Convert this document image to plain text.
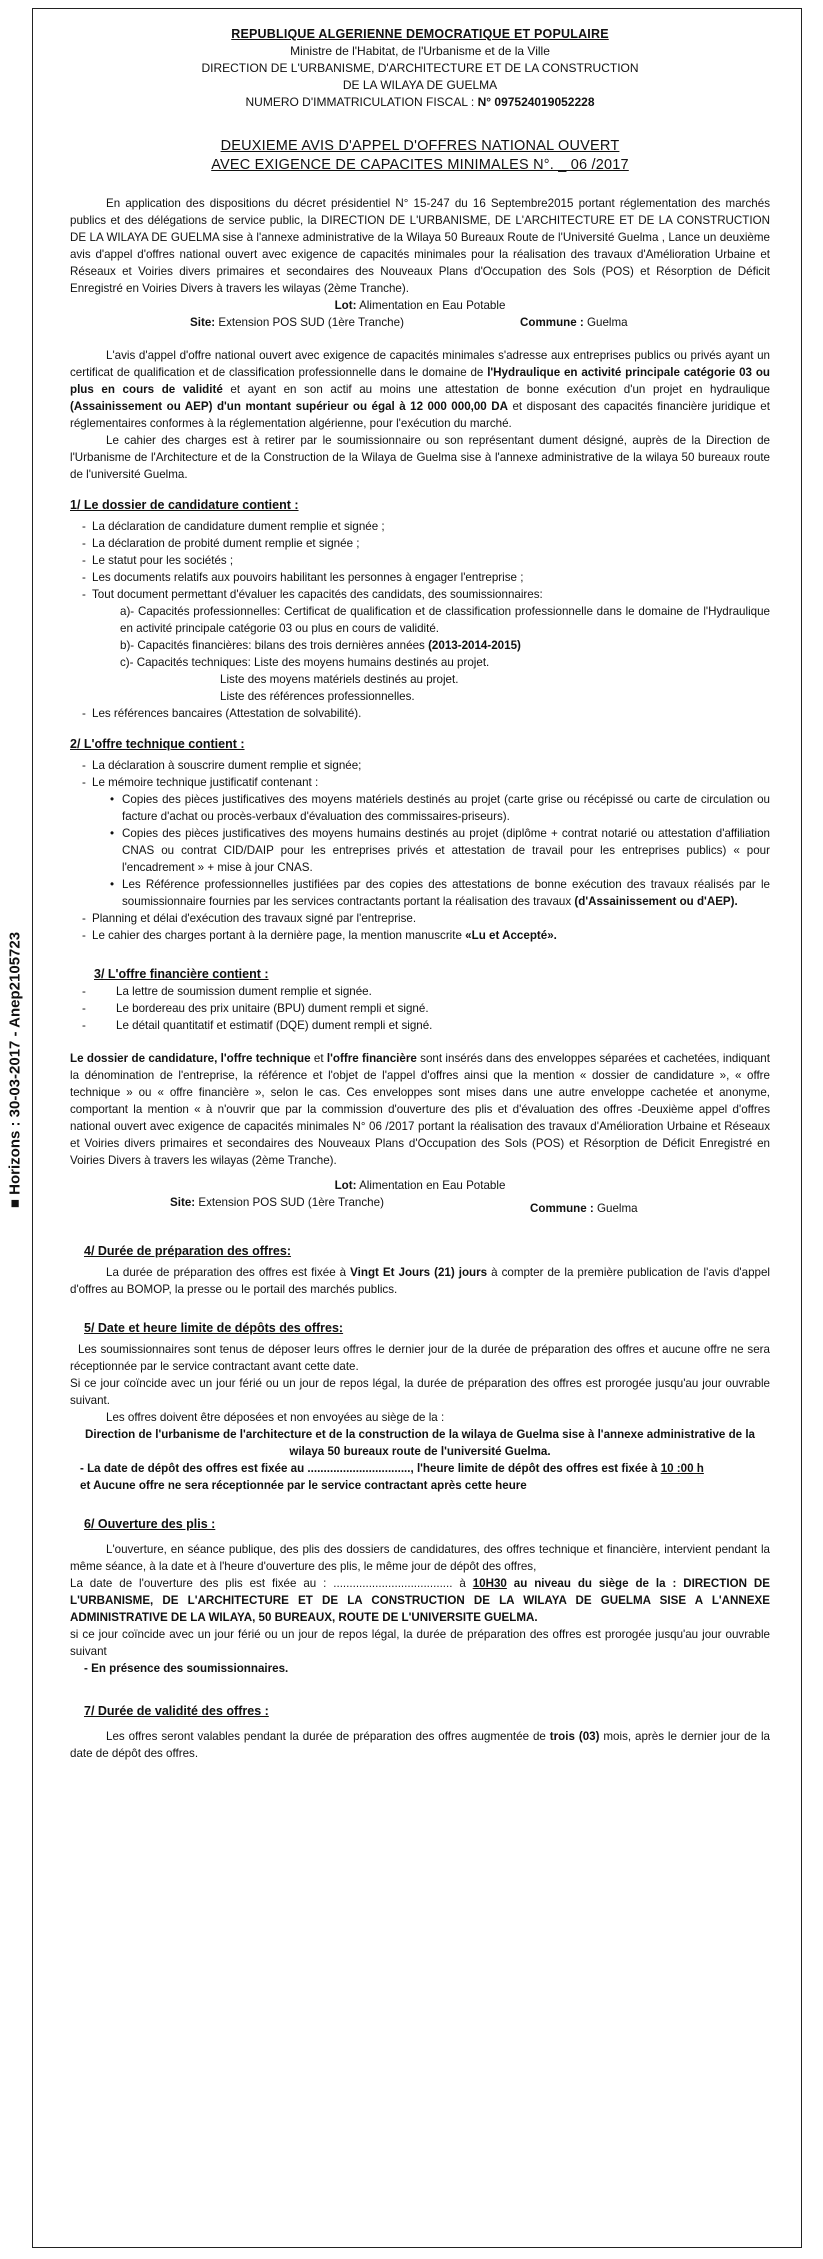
■ Horizons : 30-03-2017 - Anep2105723
REPUBLIQUE ALGERIENNE DEMOCRATIQUE ET POPULAIRE
Ministre de l'Habitat, de l'Urbanisme et de la Ville
DIRECTION DE L'URBANISME, D'ARCHITECTURE ET DE LA CONSTRUCTION
DE LA WILAYA DE GUELMA
NUMERO D'IMMATRICULATION FISCAL : N° 097524019052228
DEUXIEME AVIS D'APPEL D'OFFRES NATIONAL OUVERT
AVEC EXIGENCE DE CAPACITES MINIMALES N°. _ 06 /2017

En application des dispositions du décret présidentiel N° 15-247 du 16 Septembre2015 portant réglementation des marchés publics et des délégations de service public, la DIRECTION DE L'URBANISME, DE L'ARCHITECTURE ET DE LA CONSTRUCTION DE LA WILAYA DE GUELMA sise à l'annexe administrative de la Wilaya 50 Bureaux Route de l'Université Guelma , Lance un deuxième avis d'appel d'offres national ouvert avec exigence de capacités minimales pour la réalisation des travaux d'Amélioration Urbaine et Réseaux et Voiries divers primaires et secondaires des Nouveaux Plans d'Occupation des Sols (POS) et Résorption de Déficit Enregistré en Voiries Divers à travers les wilayas (2ème Tranche).

Lot: Alimentation en Eau Potable
Site: Extension POS SUD (1ère Tranche)	Commune : Guelma

L'avis d'appel d'offre national ouvert avec exigence de capacités minimales s'adresse aux entreprises publics ou privés ayant un certificat de qualification et de classification professionnelle dans le domaine de l'Hydraulique en activité principale catégorie 03 ou plus en cours de validité et ayant en son actif au moins une attestation de bonne exécution d'un projet en hydraulique (Assainissement ou AEP) d'un montant supérieur ou égal à 12 000 000,00 DA et disposant des capacités financière juridique et réglementaires conformes à la réglementation algérienne, pour l'exécution du marché.

Le cahier des charges est à retirer par le soumissionnaire ou son représentant dument désigné, auprès de la Direction de l'Urbanisme de l'Architecture et de la Construction de la Wilaya de Guelma sise à l'annexe administrative de la wilaya 50 bureaux route de l'université Guelma.

1/ Le dossier de candidature contient :
- La déclaration de candidature dument remplie et signée ;
- La déclaration de probité dument remplie et signée ;
- Le statut pour les sociétés ;
- Les documents relatifs aux pouvoirs habilitant les personnes à engager l'entreprise ;
- Tout document permettant d'évaluer les capacités des candidats, des soumissionnaires:
a)- Capacités professionnelles: Certificat de qualification et de classification professionnelle dans le domaine de l'Hydraulique en activité principale catégorie 03 ou plus en cours de validité.
b)- Capacités financières: bilans des trois dernières années (2013-2014-2015)
c)- Capacités techniques: Liste des moyens humains destinés au projet.
Liste des moyens matériels destinés au projet.
Liste des références professionnelles.
- Les références bancaires (Attestation de solvabilité).
2/ L'offre technique contient :
- La déclaration à souscrire dument remplie et signée;
- Le mémoire technique justificatif contenant :
• Copies des pièces justificatives des moyens matériels destinés au projet (carte grise ou récépissé ou carte de circulation ou facture d'achat ou procès-verbaux d'évaluation des commissaires-priseurs).
• Copies des pièces justificatives des moyens humains destinés au projet (diplôme + contrat notarié ou attestation d'affiliation CNAS ou contrat CID/DAIP pour les entreprises privés et attestation de travail pour les entreprises publics) « pour l'encadrement » + mise à jour CNAS.
• Les Référence professionnelles justifiées par des copies des attestations de bonne exécution des travaux réalisés par le soumissionnaire fournies par les services contractants portant la réalisation des travaux (d'Assainissement ou d'AEP).
- Planning et délai d'exécution des travaux signé par l'entreprise.
- Le cahier des charges portant à la dernière page, la mention manuscrite «Lu et Accepté».
3/ L'offre financière contient :
- La lettre de soumission dument remplie et signée.
- Le bordereau des prix unitaire (BPU) dument rempli et signé.
- Le détail quantitatif et estimatif (DQE) dument rempli et signé.

Le dossier de candidature, l'offre technique et l'offre financière sont insérés dans des enveloppes séparées et cachetées, indiquant la dénomination de l'entreprise, la référence et l'objet de l'appel d'offres ainsi que la mention « dossier de candidature », « offre technique » ou « offre financière », selon le cas. Ces enveloppes sont mises dans une autre enveloppe cachetée et anonyme, comportant la mention « à n'ouvrir que par la commission d'ouverture des plis et d'évaluation des offres -Deuxième appel d'offres national ouvert avec exigence de capacités minimales N° 06 /2017 portant la réalisation des travaux d'Amélioration Urbaine et Réseaux et Voiries divers primaires et secondaires des Nouveaux Plans d'Occupation des Sols (POS) et Résorption de Déficit Enregistré en Voiries Divers à travers les wilayas (2ème Tranche).

Lot: Alimentation en Eau Potable
Site: Extension POS SUD (1ère Tranche)	Commune : Guelma
4/ Durée de préparation des offres:

La durée de préparation des offres est fixée à Vingt Et Jours (21) jours à compter de la première publication de l'avis d'appel d'offres au BOMOP, la presse ou le portail des marchés publics.

5/ Date et heure limite de dépôts des offres:

Les soumissionnaires sont tenus de déposer leurs offres le dernier jour de la durée de préparation des offres et aucune offre ne sera réceptionnée par le service contractant avant cette date.

Si ce jour coïncide avec un jour férié ou un jour de repos légal, la durée de préparation des offres est prorogée jusqu'au jour ouvrable suivant.

Les offres doivent être déposées et non envoyées au siège de la :

Direction de l'urbanisme de l'architecture et de la construction de la wilaya de Guelma sise à l'annexe administrative de la wilaya 50 bureaux route de l'université Guelma.

- La date de dépôt des offres est fixée au ................................, l'heure limite de dépôt des offres est fixée à 10 :00 h

et Aucune offre ne sera réceptionnée par le service contractant après cette heure

6/ Ouverture des plis :

L'ouverture, en séance publique, des plis des dossiers de candidatures, des offres technique et financière, intervient pendant la même séance, à la date et à l'heure d'ouverture des plis, le même jour de dépôt des offres,

La date de l'ouverture des plis est fixée au : ..................................... à 10H30 au niveau du siège de la : DIRECTION DE L'URBANISME, DE L'ARCHITECTURE ET DE LA CONSTRUCTION DE LA WILAYA DE GUELMA SISE A L'ANNEXE ADMINISTRATIVE DE LA WILAYA, 50 BUREAUX, ROUTE DE L'UNIVERSITE GUELMA.

si ce jour coïncide avec un jour férié ou un jour de repos légal, la durée de préparation des offres est prorogée jusqu'au jour ouvrable suivant

- En présence des soumissionnaires.

7/ Durée de validité des offres :

Les offres seront valables pendant la durée de préparation des offres augmentée de trois (03) mois, après le dernier jour de la date de dépôt des offres.
